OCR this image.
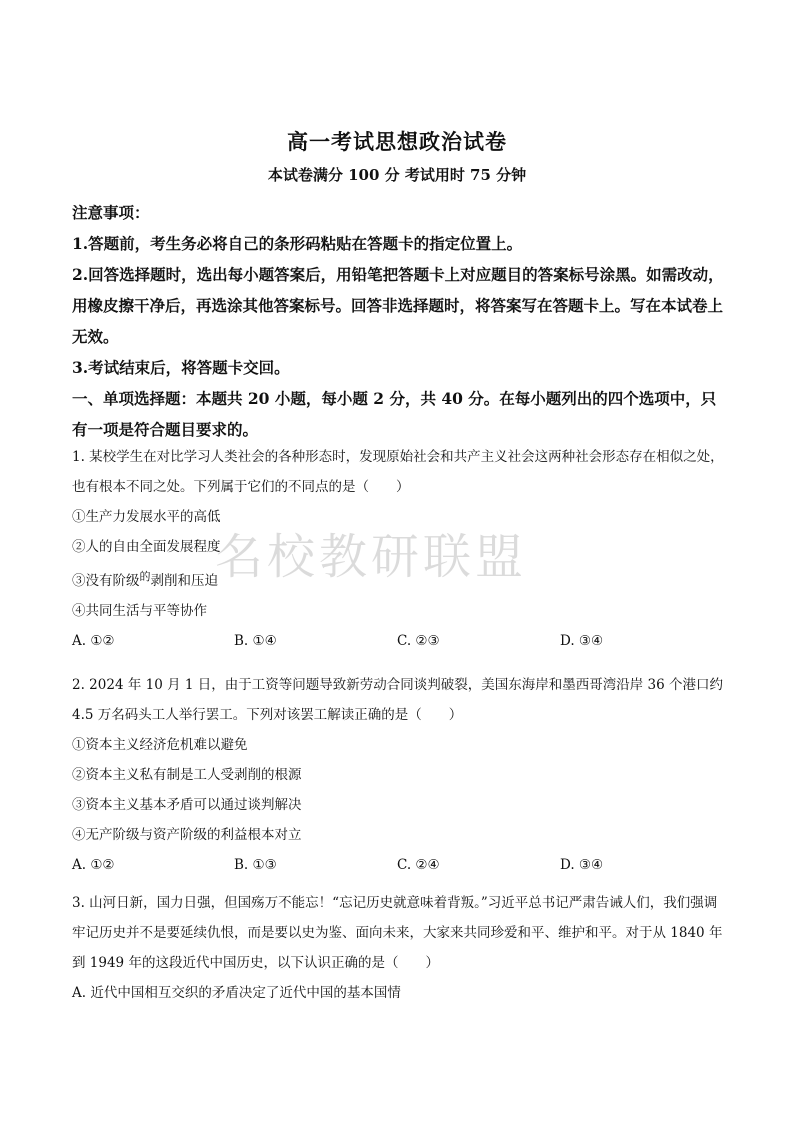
高一考试思想政治试卷
本试卷满分 100 分 考试用时 75 分钟

注意事项：

1.答题前，考生务必将自己的条形码粘贴在答题卡的指定位置上。

2.回答选择题时，选出每小题答案后，用铅笔把答题卡上对应题目的答案标号涂黑。如需改动，用橡皮擦干净后，再选涂其他答案标号。回答非选择题时，将答案写在答题卡上。写在本试卷上无效。

3.考试结束后，将答题卡交回。

一、单项选择题：本题共 20 小题，每小题 2 分，共 40 分。在每小题列出的四个选项中，只有一项是符合题目要求的。

1. 某校学生在对比学习人类社会的各种形态时，发现原始社会和共产主义社会这两种社会形态存在相似之处，也有根本不同之处。下列属于它们的不同点的是（　　）

①生产力发展水平的高低

②人的自由全面发展程度

③没有阶级$^的$剥削和压迫

④共同生活与平等协作

A. ①②	B. ①④	C. ②③	D. ③④

2. 2024 年 10 月 1 日，由于工资等问题导致新劳动合同谈判破裂，美国东海岸和墨西哥湾沿岸 36 个港口约 4.5 万名码头工人举行罢工。下列对该罢工解读正确的是（　　）

①资本主义经济危机难以避免

②资本主义私有制是工人受剥削的根源

③资本主义基本矛盾可以通过谈判解决

④无产阶级与资产阶级的利益根本对立

A. ①②	B. ①③	C. ②④	D. ③④

3. 山河日新，国力日强，但国殇万不能忘！“忘记历史就意味着背叛。”习近平总书记严肃告诫人们，我们强调牢记历史并不是要延续仇恨，而是要以史为鉴、面向未来，大家来共同珍爱和平、维护和平。对于从 1840 年到 1949 年的这段近代中国历史，以下认识正确的是（　　）

A. 近代中国相互交织的矛盾决定了近代中国的基本国情

名校教研联盟
